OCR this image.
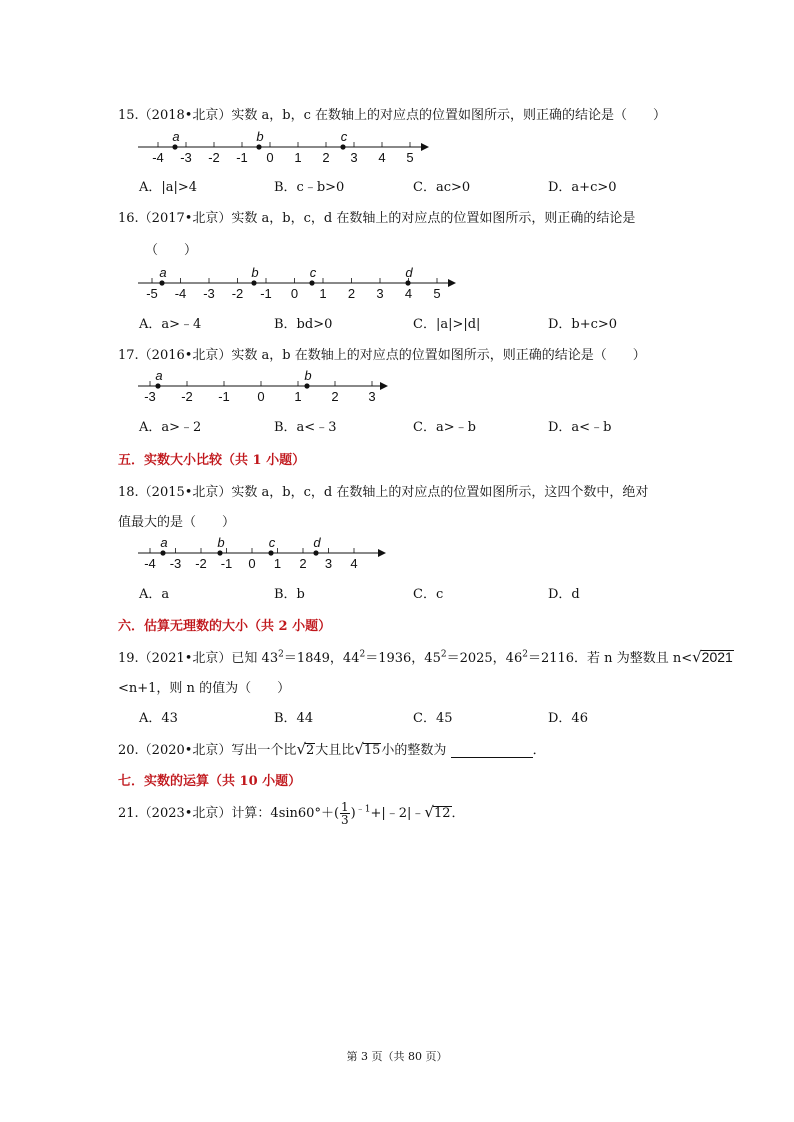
15.（2018•北京）实数 a，b，c 在数轴上的对应点的位置如图所示，则正确的结论是（　　）
-4 -3 -2 -1 0 1 2 3 4 5
a	b	c
A．|a|>4	B．c﹣b>0	C．ac>0	D．a+c>0
16.（2017•北京）实数 a，b，c，d 在数轴上的对应点的位置如图所示，则正确的结论是
（　　）
-5 -4 -3 -2 -1 0 1 2 3 4 5
a	b	c	d
A．a>﹣4	B．bd>0	C．|a|>|d|	D．b+c>0
17.（2016•北京）实数 a，b 在数轴上的对应点的位置如图所示，则正确的结论是（　　）
-3 -2 -1 0 1 2 3
a	b
A．a>﹣2	B．a<﹣3	C．a>﹣b	D．a<﹣b
五．实数大小比较（共 1 小题）
18.（2015•北京）实数 a，b，c，d 在数轴上的对应点的位置如图所示，这四个数中，绝对
值最大的是（　　）
-4 -3 -2 -1 0 1 2 3 4
a	b	c	d
A．a	B．b	C．c	D．d
六．估算无理数的大小（共 2 小题）
19.（2021•北京）已知 $43^2=1849$，$44^2=1936$，$45^2=2025$，$46^2=2116$．若 n 为整数且 n<√2021
<n+1，则 n 的值为（　　）
A．43	B．44	C．45	D．46
20.（2020•北京）写出一个比√2大且比√15小的整数为	．
七．实数的运算（共 10 小题）
21.（2023•北京）计算：$4\sin 60^\circ+( \frac{1}{3}$ )$^{﹣1}+|﹣2|﹣√12$．
第 3 页（共 80 页）
